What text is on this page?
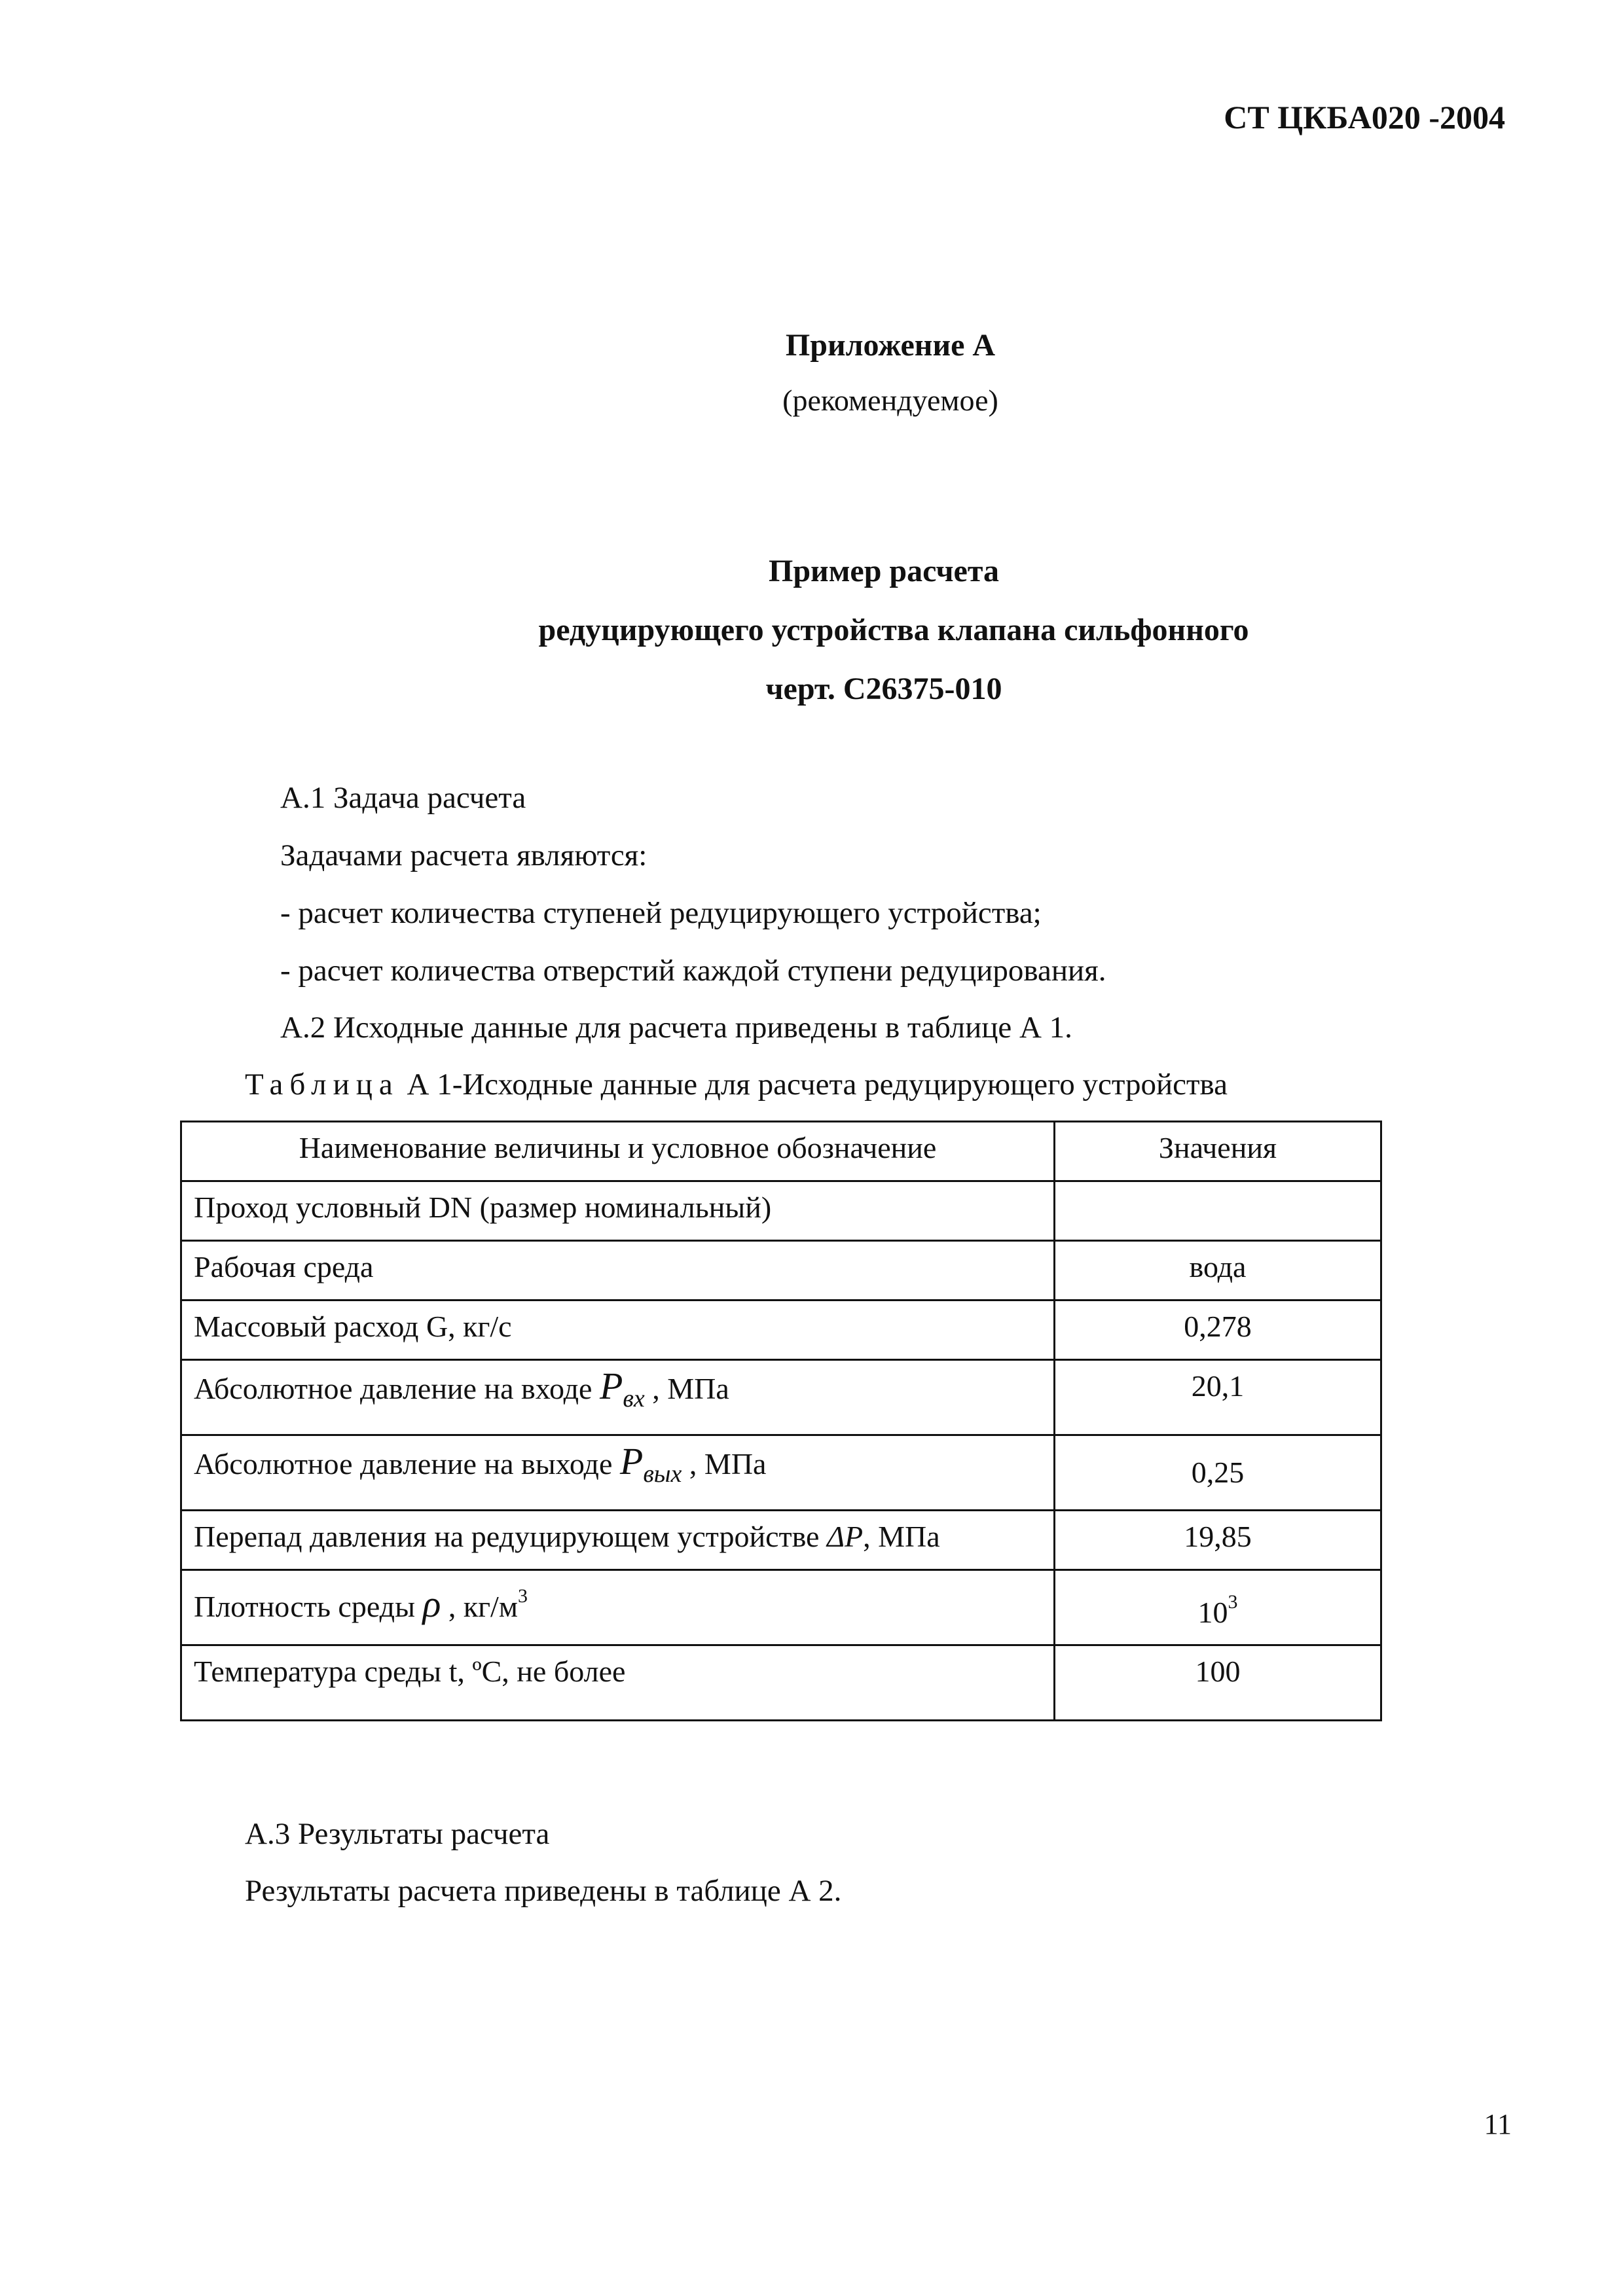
СТ ЦКБА020 -2004
Приложение А
(рекомендуемое)
Пример расчета
редуцирующего устройства клапана сильфонного
черт. С26375-010
А.1 Задача расчета
Задачами расчета являются:
- расчет количества ступеней редуцирующего устройства;
- расчет количества отверстий каждой ступени редуцирования.
А.2 Исходные данные для расчета приведены в таблице А 1.
Таблица А 1-Исходные данные для расчета редуцирующего устройства
Наименование величины и условное обозначение	Значения
Проход условный DN (размер номинальный)	
Рабочая среда	вода
Массовый расход G, кг/с	0,278
Абсолютное давление на входе $P_{вх}$ , МПа	20,1
Абсолютное давление на выходе $P_{вых}$ , МПа	0,25
Перепад давления на редуцирующем устройстве ΔP, МПа	19,85
Плотность среды ρ , $кг/м^3$	$10^3$
Температура среды t, ºС, не более	100
А.3 Результаты расчета
Результаты расчета приведены в таблице А 2.
11
